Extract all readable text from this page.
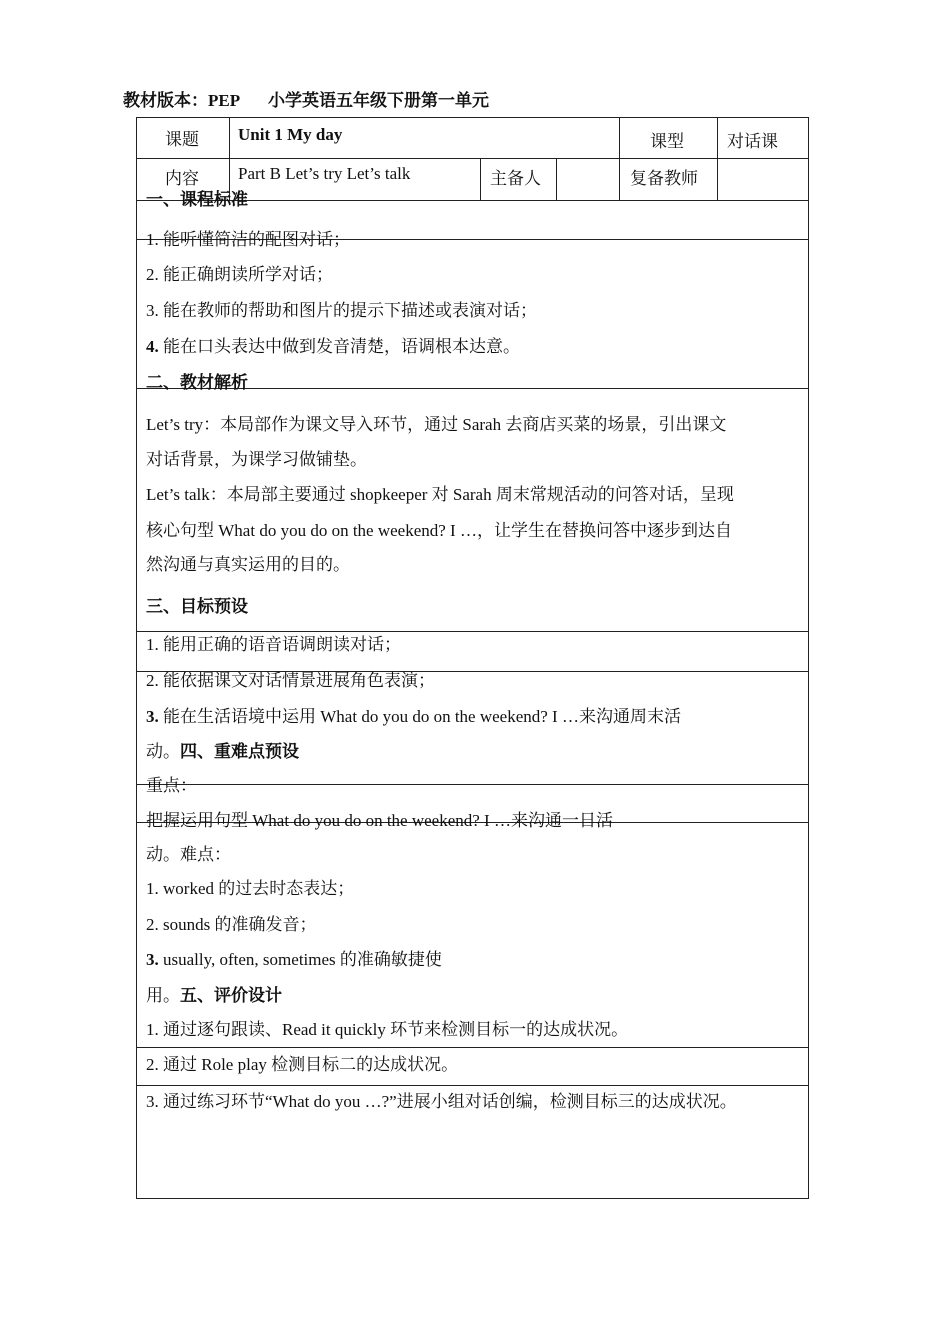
教材版本：PEP 小学英语五年级下册第一单元
课题 Unit 1 My day	课型	对话课
内容 Part B Let’s try Let’s talk	主备人	复备教师
一、课程标准
1. 能听懂简洁的配图对话；
2. 能正确朗读所学对话；
3. 能在教师的帮助和图片的提示下描述或表演对话；
4. 能在口头表达中做到发音清楚，语调根本达意。
二、教材解析
Let’s try：本局部作为课文导入环节，通过 Sarah 去商店买菜的场景，引出课文
对话背景，为课学习做铺垫。
Let’s talk：本局部主要通过 shopkeeper 对 Sarah 周末常规活动的问答对话，呈现
核心句型 What do you do on the weekend? I …，让学生在替换问答中逐步到达自
然沟通与真实运用的目的。
三、目标预设
1. 能用正确的语音语调朗读对话；
2. 能依据课文对话情景进展角色表演；
3. 能在生活语境中运用 What do you do on the weekend? I …来沟通周末活
动。四、重难点预设
重点：
把握运用句型 What do you do on the weekend? I …来沟通一日活
动。难点：
1. worked 的过去时态表达；
2. sounds 的准确发音；
3. usually, often, sometimes 的准确敏捷使
用。五、评价设计
1. 通过逐句跟读、Read it quickly 环节来检测目标一的达成状况。
2. 通过 Role play 检测目标二的达成状况。
3. 通过练习环节“What do you …?”进展小组对话创编，检测目标三的达成状况。
